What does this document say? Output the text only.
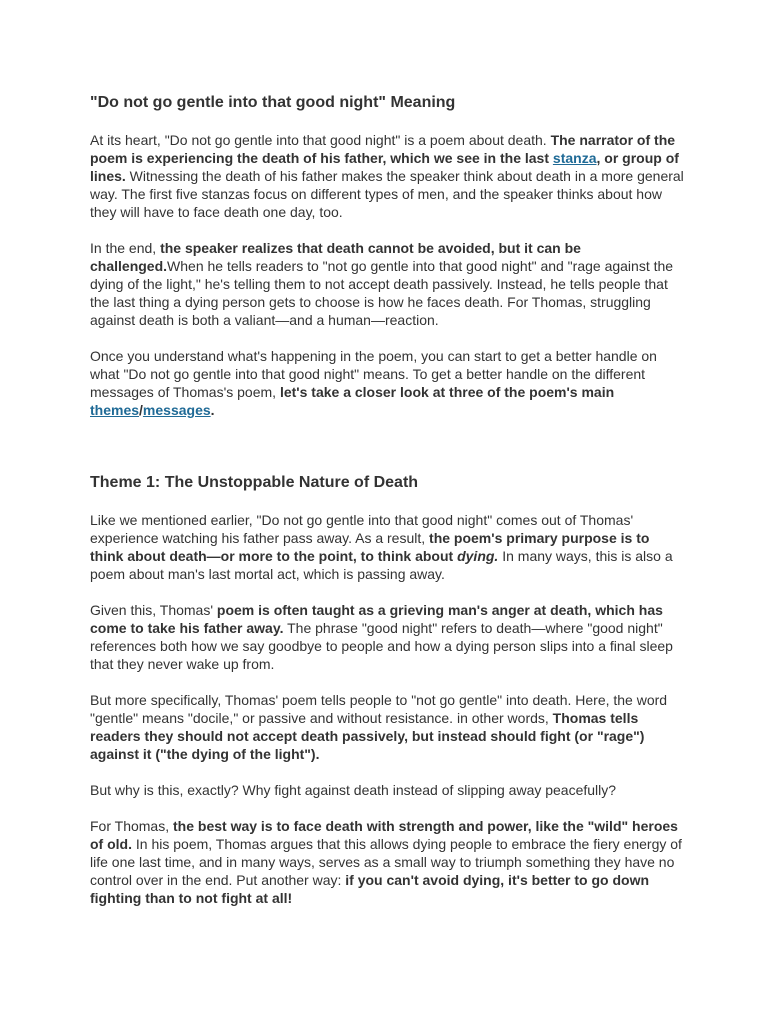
"Do not go gentle into that good night" Meaning

At its heart, "Do not go gentle into that good night" is a poem about death. The narrator of the poem is experiencing the death of his father, which we see in the last stanza, or group of lines. Witnessing the death of his father makes the speaker think about death in a more general way. The first five stanzas focus on different types of men, and the speaker thinks about how they will have to face death one day, too.

In the end, the speaker realizes that death cannot be avoided, but it can be challenged.When he tells readers to "not go gentle into that good night" and "rage against the dying of the light," he's telling them to not accept death passively. Instead, he tells people that the last thing a dying person gets to choose is how he faces death. For Thomas, struggling against death is both a valiant—and a human—reaction.

Once you understand what's happening in the poem, you can start to get a better handle on what "Do not go gentle into that good night" means. To get a better handle on the different messages of Thomas's poem, let's take a closer look at three of the poem's main themes/messages.

Theme 1: The Unstoppable Nature of Death

Like we mentioned earlier, "Do not go gentle into that good night" comes out of Thomas' experience watching his father pass away. As a result, the poem's primary purpose is to think about death—or more to the point, to think about dying. In many ways, this is also a poem about man's last mortal act, which is passing away.

Given this, Thomas' poem is often taught as a grieving man's anger at death, which has come to take his father away. The phrase "good night" refers to death—where "good night" references both how we say goodbye to people and how a dying person slips into a final sleep that they never wake up from.

But more specifically, Thomas' poem tells people to "not go gentle" into death. Here, the word "gentle" means "docile," or passive and without resistance. in other words, Thomas tells readers they should not accept death passively, but instead should fight (or "rage") against it ("the dying of the light").

But why is this, exactly? Why fight against death instead of slipping away peacefully?

For Thomas, the best way is to face death with strength and power, like the "wild" heroes of old. In his poem, Thomas argues that this allows dying people to embrace the fiery energy of life one last time, and in many ways, serves as a small way to triumph something they have no control over in the end. Put another way: if you can't avoid dying, it's better to go down fighting than to not fight at all!
